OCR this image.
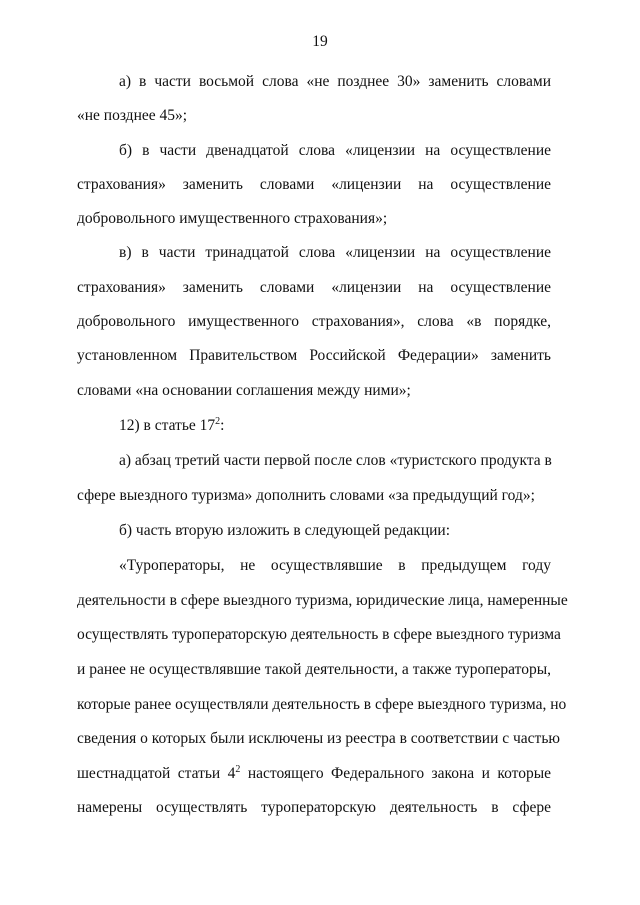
19
а) в части восьмой слова «не позднее 30» заменить словами
«не позднее 45»;
б) в части двенадцатой слова «лицензии на осуществление
страхования» заменить словами «лицензии на осуществление
добровольного имущественного страхования»;
в) в части тринадцатой слова «лицензии на осуществление
страхования» заменить словами «лицензии на осуществление
добровольного имущественного страхования», слова «в порядке,
установленном Правительством Российской Федерации» заменить
словами «на основании соглашения между ними»;
12) в статье $17^2$:
а) абзац третий части первой после слов «туристского продукта в
сфере выездного туризма» дополнить словами «за предыдущий год»;
б) часть вторую изложить в следующей редакции:
«Туроператоры, не осуществлявшие в предыдущем году
деятельности в сфере выездного туризма, юридические лица, намеренные
осуществлять туроператорскую деятельность в сфере выездного туризма
и ранее не осуществлявшие такой деятельности, а также туроператоры,
которые ранее осуществляли деятельность в сфере выездного туризма, но
сведения о которых были исключены из реестра в соответствии с частью
шестнадцатой статьи $4^2$ настоящего Федерального закона и которые
намерены осуществлять туроператорскую деятельность в сфере
